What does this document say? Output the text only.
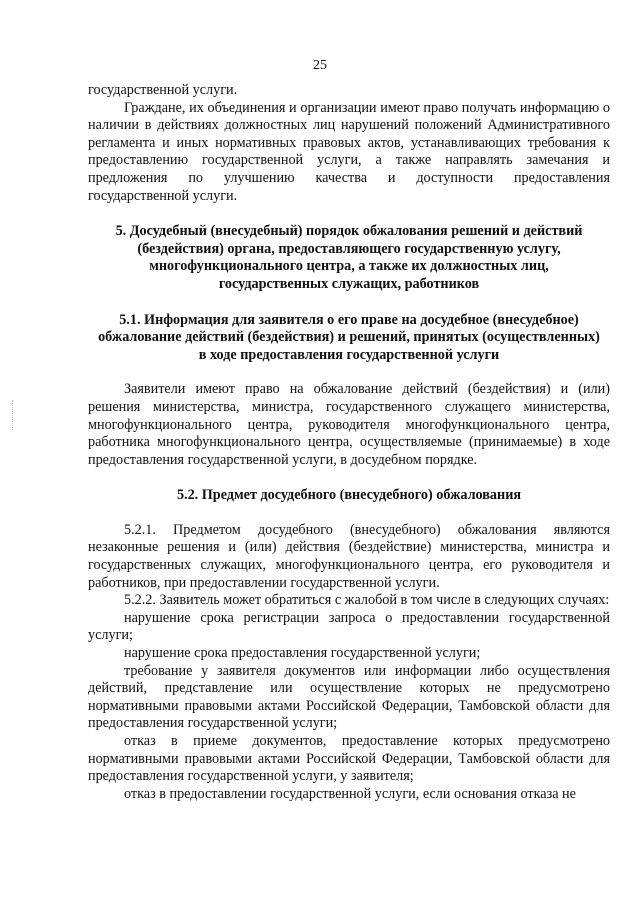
25

государственной услуги.

Граждане, их объединения и организации имеют право получать информацию о наличии в действиях должностных лиц нарушений положений Административного регламента и иных нормативных правовых актов, устанавливающих требования к предоставлению государственной услуги, а также направлять замечания и предложения по улучшению качества и доступности предоставления государственной услуги.

5. Досудебный (внесудебный) порядок обжалования решений и действий (бездействия) органа, предоставляющего государственную услугу, многофункционального центра, а также их должностных лиц, государственных служащих, работников

5.1. Информация для заявителя о его праве на досудебное (внесудебное) обжалование действий (бездействия) и решений, принятых (осуществленных) в ходе предоставления государственной услуги

Заявители имеют право на обжалование действий (бездействия) и (или) решения министерства, министра, государственного служащего министерства, многофункционального центра, руководителя многофункционального центра, работника многофункционального центра, осуществляемые (принимаемые) в ходе предоставления государственной услуги, в досудебном порядке.

5.2. Предмет досудебного (внесудебного) обжалования

5.2.1. Предметом досудебного (внесудебного) обжалования являются незаконные решения и (или) действия (бездействие) министерства, министра и государственных служащих, многофункционального центра, его руководителя и работников, при предоставлении государственной услуги.

5.2.2. Заявитель может обратиться с жалобой в том числе в следующих случаях:

нарушение срока регистрации запроса о предоставлении государственной услуги;

нарушение срока предоставления государственной услуги;

требование у заявителя документов или информации либо осуществления действий, представление или осуществление которых не предусмотрено нормативными правовыми актами Российской Федерации, Тамбовской области для предоставления государственной услуги;

отказ в приеме документов, предоставление которых предусмотрено нормативными правовыми актами Российской Федерации, Тамбовской области для предоставления государственной услуги, у заявителя;

отказ в предоставлении государственной услуги, если основания отказа не
